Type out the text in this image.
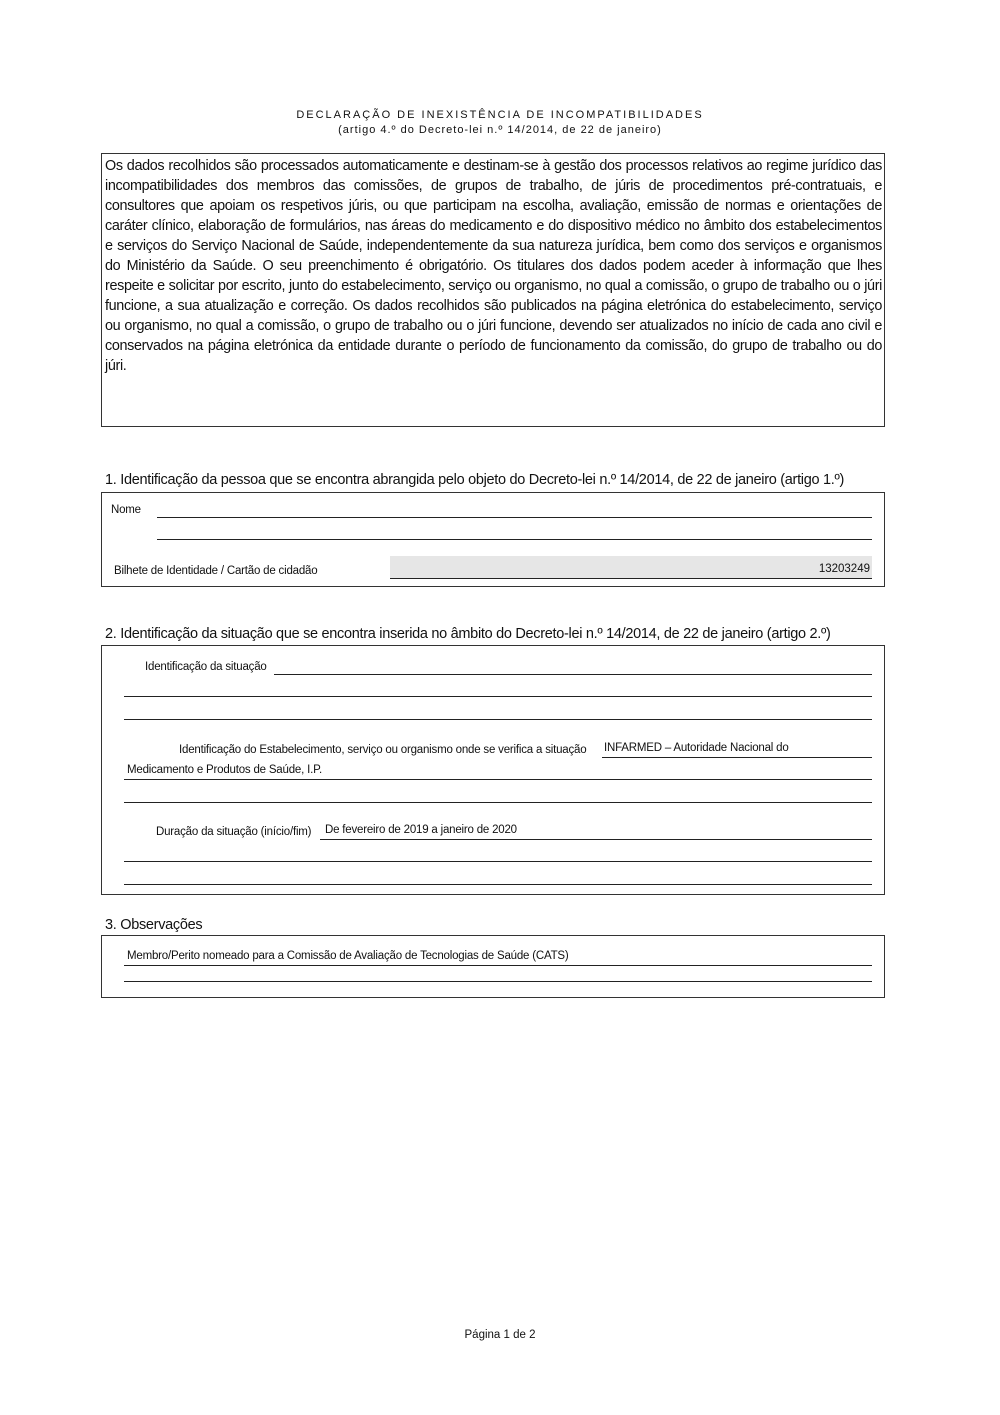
DECLARAÇÃO DE INEXISTÊNCIA DE INCOMPATIBILIDADES
(artigo 4.º do Decreto-lei n.º 14/2014, de 22 de janeiro)
Os dados recolhidos são processados automaticamente e destinam-se à gestão dos processos relativos ao regime jurídico das incompatibilidades dos membros das comissões, de grupos de trabalho, de júris de procedimentos pré-contratuais, e consultores que apoiam os respetivos júris, ou que participam na escolha, avaliação, emissão de normas e orientações de caráter clínico, elaboração de formulários, nas áreas do medicamento e do dispositivo médico no âmbito dos estabelecimentos e serviços do Serviço Nacional de Saúde, independentemente da sua natureza jurídica, bem como dos serviços e organismos do Ministério da Saúde. O seu preenchimento é obrigatório. Os titulares dos dados podem aceder à informação que lhes respeite e solicitar por escrito, junto do estabelecimento, serviço ou organismo, no qual a comissão, o grupo de trabalho ou o júri funcione, a sua atualização e correção. Os dados recolhidos são publicados na página eletrónica do estabelecimento, serviço ou organismo, no qual a comissão, o grupo de trabalho ou o júri funcione, devendo ser atualizados no início de cada ano civil e conservados na página eletrónica da entidade durante o período de funcionamento da comissão, do grupo de trabalho ou do júri.
1. Identificação da pessoa que se encontra abrangida pelo objeto do Decreto-lei n.º 14/2014, de 22 de janeiro (artigo 1.º)
Nome
Bilhete de Identidade / Cartão de cidadão	13203249
2. Identificação da situação que se encontra inserida no âmbito do Decreto-lei n.º 14/2014, de 22 de janeiro (artigo 2.º)
Identificação da situação
Identificação do Estabelecimento, serviço ou organismo onde se verifica a situação INFARMED – Autoridade Nacional do
Medicamento e Produtos de Saúde, I.P.
Duração da situação (início/fim) De fevereiro de 2019 a janeiro de 2020
3. Observações
Membro/Perito nomeado para a Comissão de Avaliação de Tecnologias de Saúde (CATS)
Página 1 de 2
